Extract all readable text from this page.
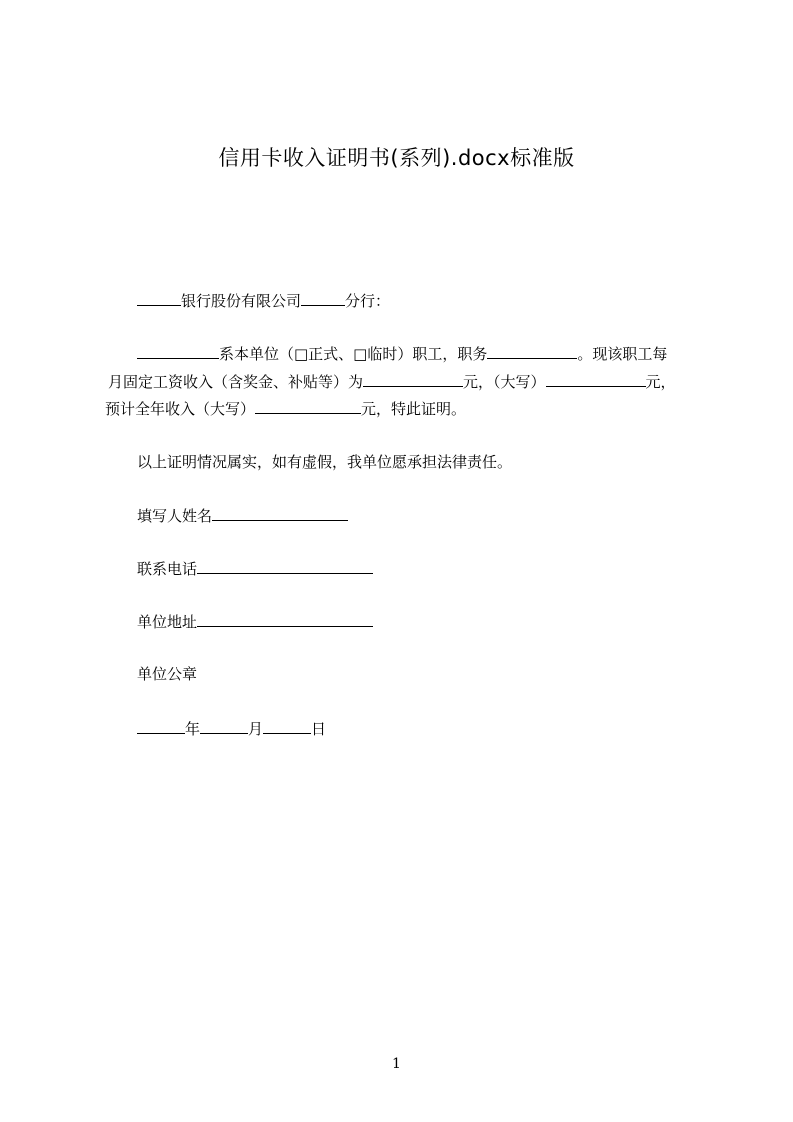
信用卡收入证明书(系列).docx标准版
银行股份有限公司	分行：
系本单位（□正式、□临时）职工，职务	。现该职工每
月固定工资收入（含奖金、补贴等）为	元，（大写）	元，
预计全年收入（大写）	元，特此证明。
以上证明情况属实，如有虚假，我单位愿承担法律责任。
填写人姓名
联系电话
单位地址
单位公章
年	月	日
1
